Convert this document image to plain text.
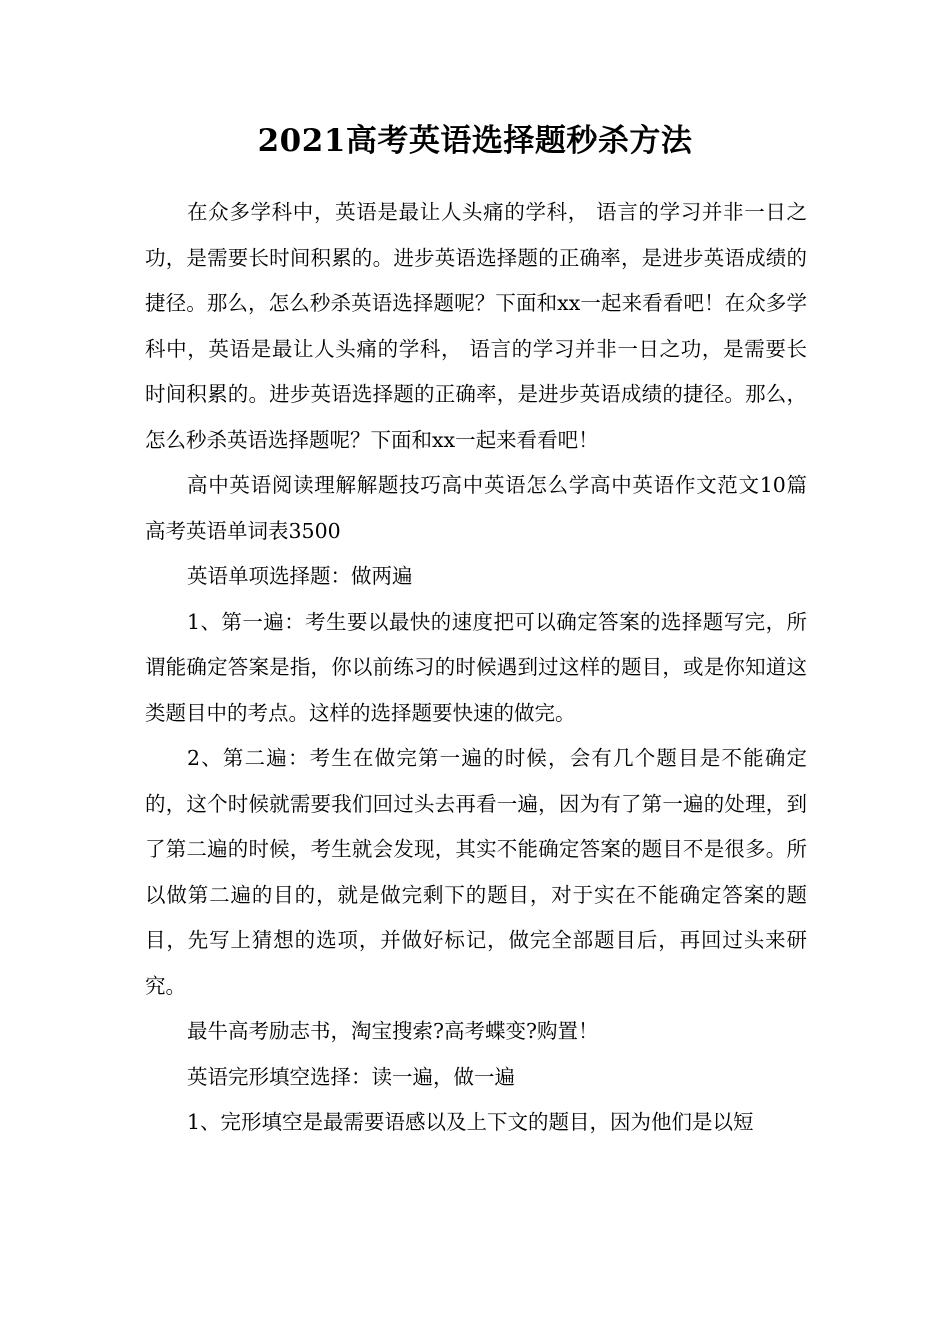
2021高考英语选择题秒杀方法

在众多学科中，英语是最让人头痛的学科， 语言的学习并非一日之功，是需要长时间积累的。进步英语选择题的正确率，是进步英语成绩的捷径。那么，怎么秒杀英语选择题呢？下面和xx一起来看看吧！在众多学科中，英语是最让人头痛的学科， 语言的学习并非一日之功，是需要长时间积累的。进步英语选择题的正确率，是进步英语成绩的捷径。那么，怎么秒杀英语选择题呢？下面和xx一起来看看吧！

高中英语阅读理解解题技巧高中英语怎么学高中英语作文范文10篇高考英语单词表3500

英语单项选择题：做两遍

1、第一遍：考生要以最快的速度把可以确定答案的选择题写完，所谓能确定答案是指，你以前练习的时候遇到过这样的题目，或是你知道这类题目中的考点。这样的选择题要快速的做完。

2、第二遍：考生在做完第一遍的时候，会有几个题目是不能确定的，这个时候就需要我们回过头去再看一遍，因为有了第一遍的处理，到了第二遍的时候，考生就会发现，其实不能确定答案的题目不是很多。所以做第二遍的目的，就是做完剩下的题目，对于实在不能确定答案的题目，先写上猜想的选项，并做好标记，做完全部题目后，再回过头来研究。

最牛高考励志书，淘宝搜索?高考蝶变?购置！

英语完形填空选择：读一遍，做一遍

1、完形填空是最需要语感以及上下文的题目，因为他们是以短
